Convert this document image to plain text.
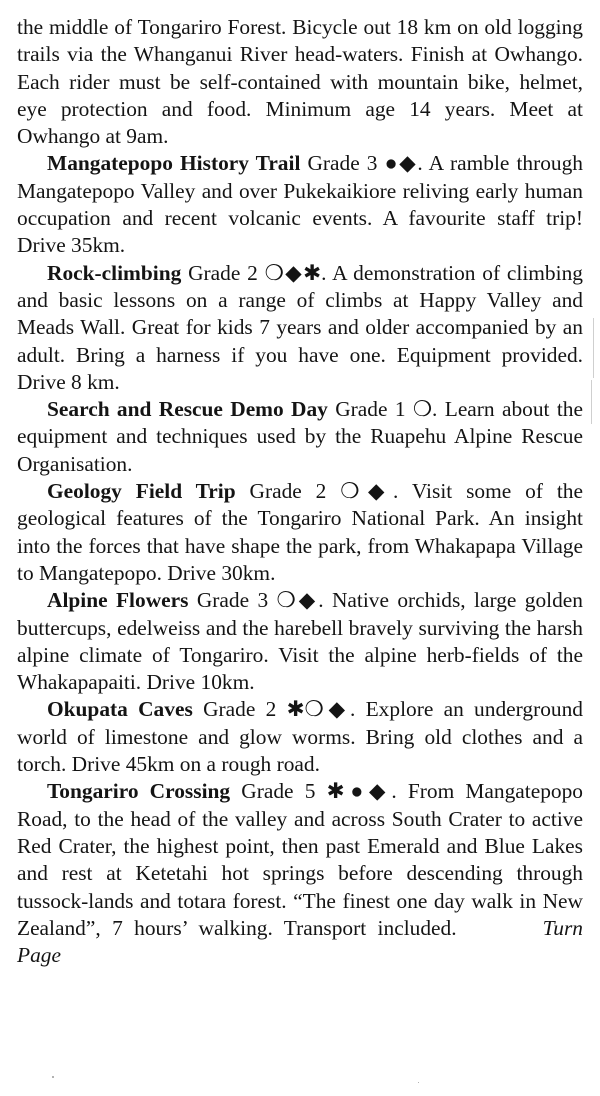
the middle of Tongariro Forest. Bicycle out 18 km on old logging trails via the Whanganui River head-waters. Finish at Owhango. Each rider must be self-contained with mountain bike, helmet, eye protection and food. Minimum age 14 years. Meet at Owhango at 9am.

Mangatepopo History Trail Grade 3 ●◆. A ramble through Mangatepopo Valley and over Pukekaikiore reliving early human occupation and recent volcanic events. A favourite staff trip! Drive 35km.

Rock-climbing Grade 2 ❍◆✱. A demonstration of climbing and basic lessons on a range of climbs at Happy Valley and Meads Wall. Great for kids 7 years and older accompanied by an adult. Bring a harness if you have one. Equipment provided. Drive 8 km.

Search and Rescue Demo Day Grade 1 ❍. Learn about the equipment and techniques used by the Ruapehu Alpine Rescue Organisation.

Geology Field Trip Grade 2 ❍◆. Visit some of the geological features of the Tongariro National Park. An insight into the forces that have shape the park, from Whakapapa Village to Mangatepopo. Drive 30km.

Alpine Flowers Grade 3 ❍◆. Native orchids, large golden buttercups, edelweiss and the harebell bravely surviving the harsh alpine climate of Tongariro. Visit the alpine herb-fields of the Whakapapaiti. Drive 10km.

Okupata Caves Grade 2 ✱❍◆. Explore an underground world of limestone and glow worms. Bring old clothes and a torch. Drive 45km on a rough road.

Tongariro Crossing Grade 5 ✱●◆. From Mangatepopo Road, to the head of the valley and across South Crater to active Red Crater, the highest point, then past Emerald and Blue Lakes and rest at Ketetahi hot springs before descending through tussock-lands and totara forest. “The finest one day walk in New Zealand”, 7 hours’ walking. Transport included.	Turn Page
